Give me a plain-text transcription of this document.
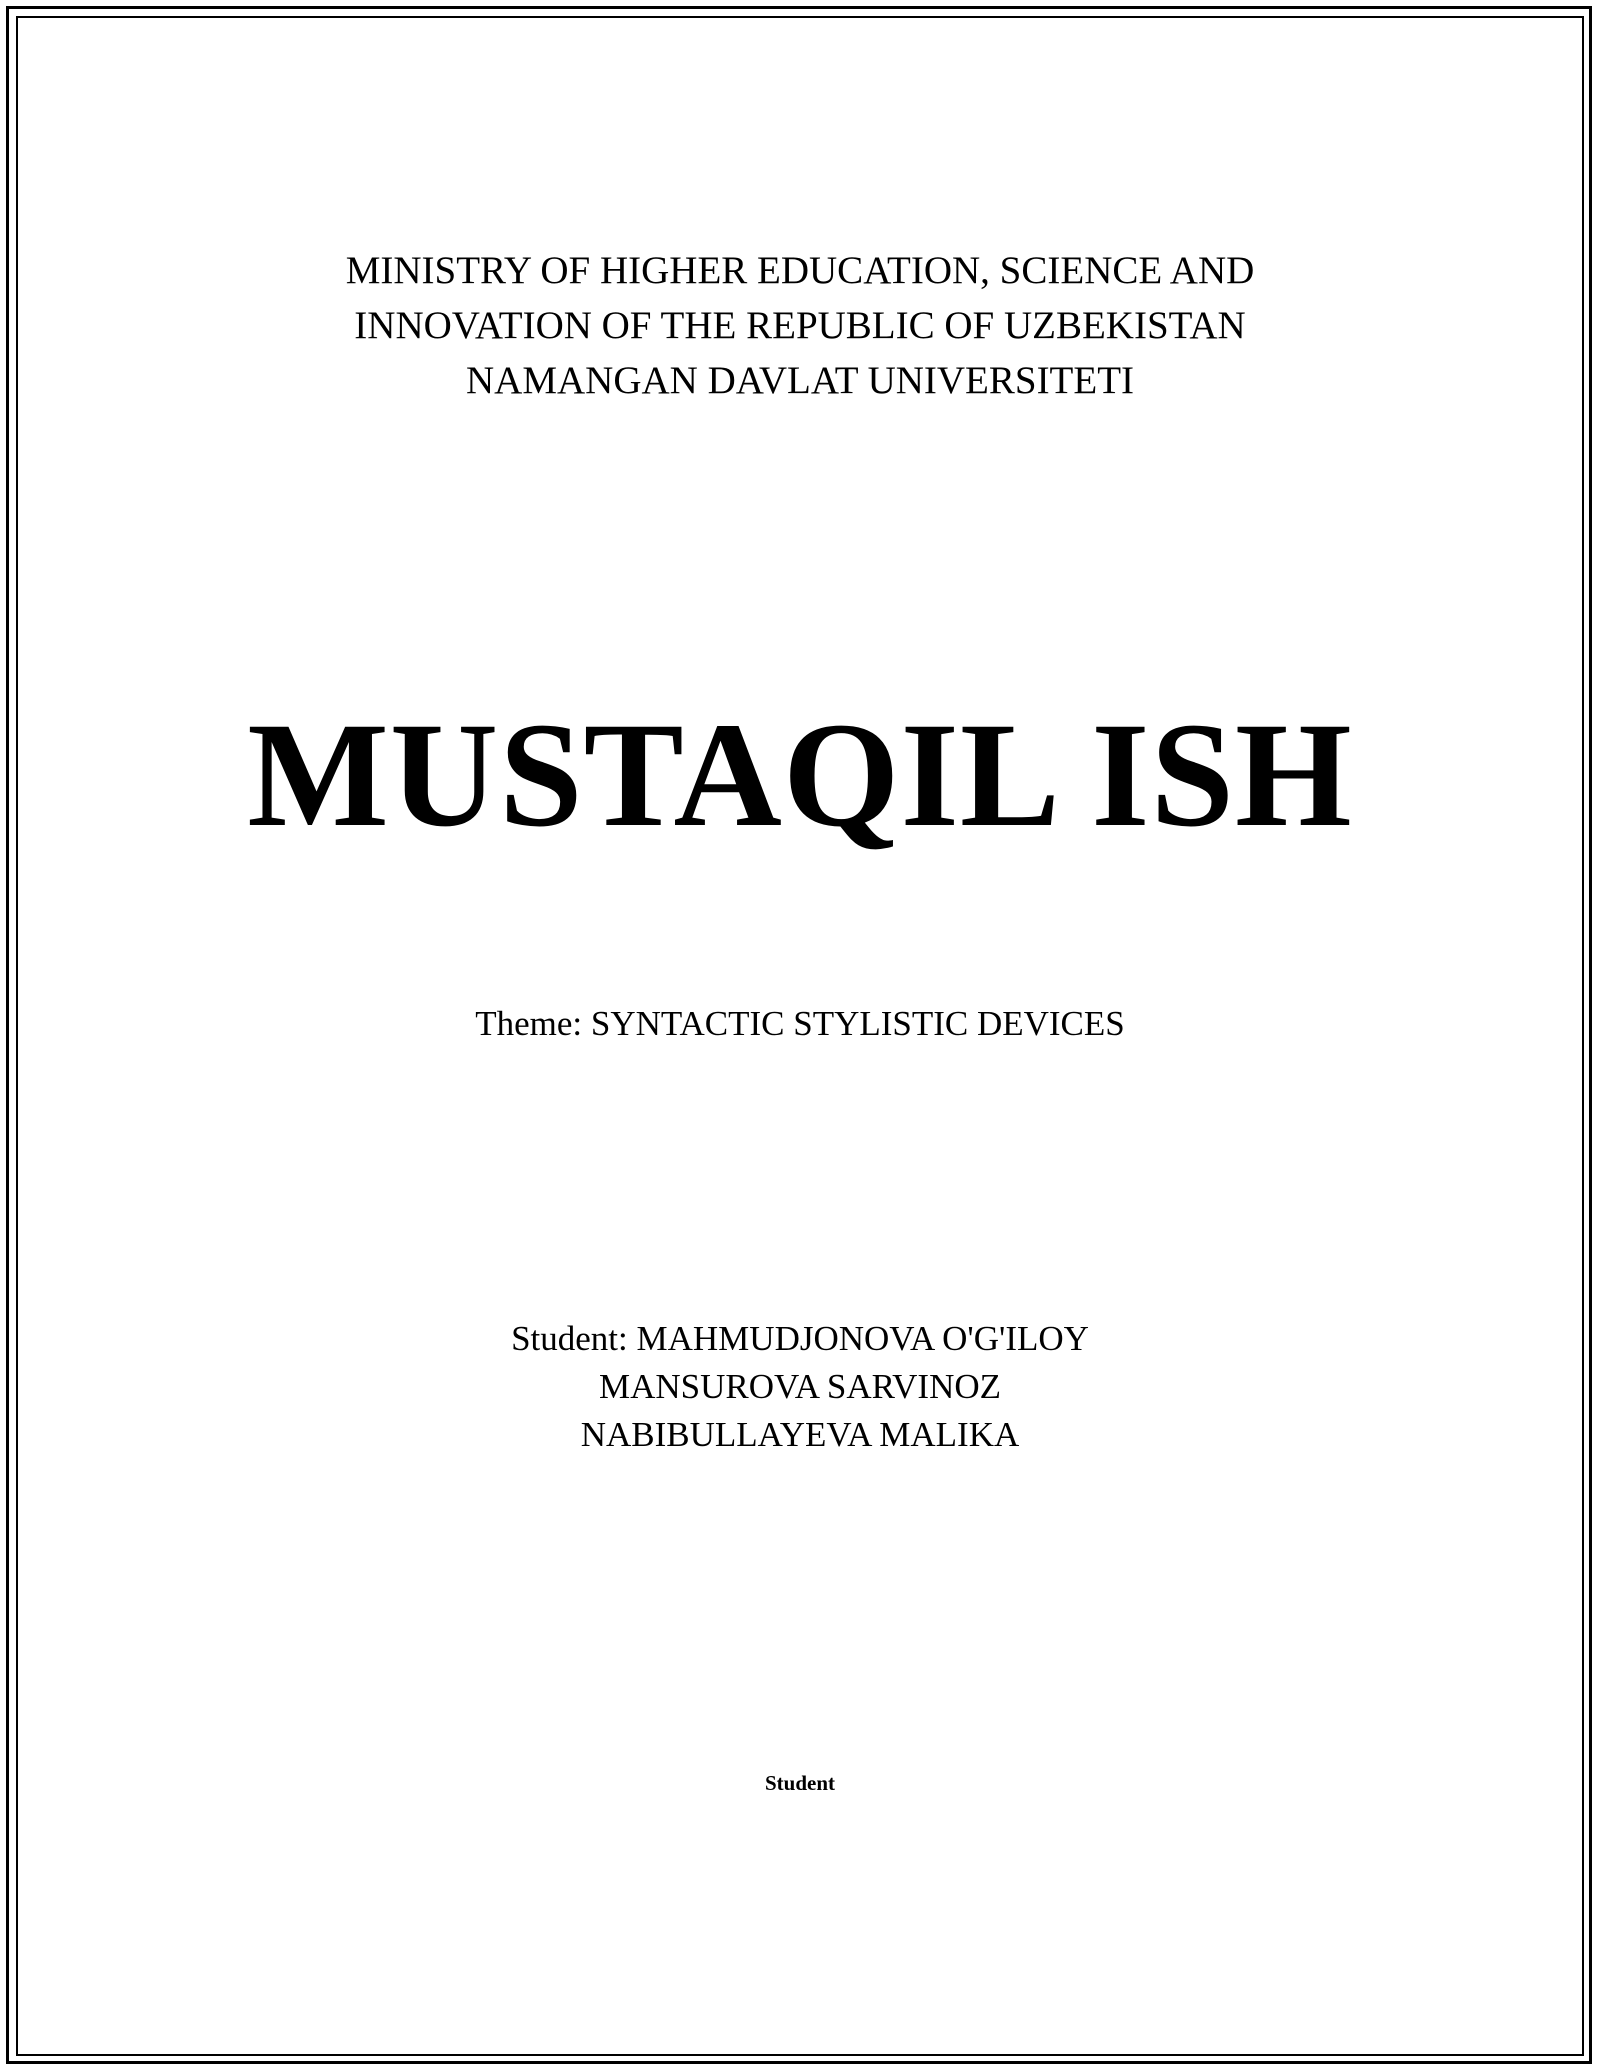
MINISTRY OF HIGHER EDUCATION, SCIENCE AND
INNOVATION OF THE REPUBLIC OF UZBEKISTAN
NAMANGAN DAVLAT UNIVERSITETI
MUSTAQIL ISH
Theme: SYNTACTIC STYLISTIC DEVICES
Student: MAHMUDJONOVA O'G'ILOY
MANSUROVA SARVINOZ
NABIBULLAYEVA MALIKA
Student
